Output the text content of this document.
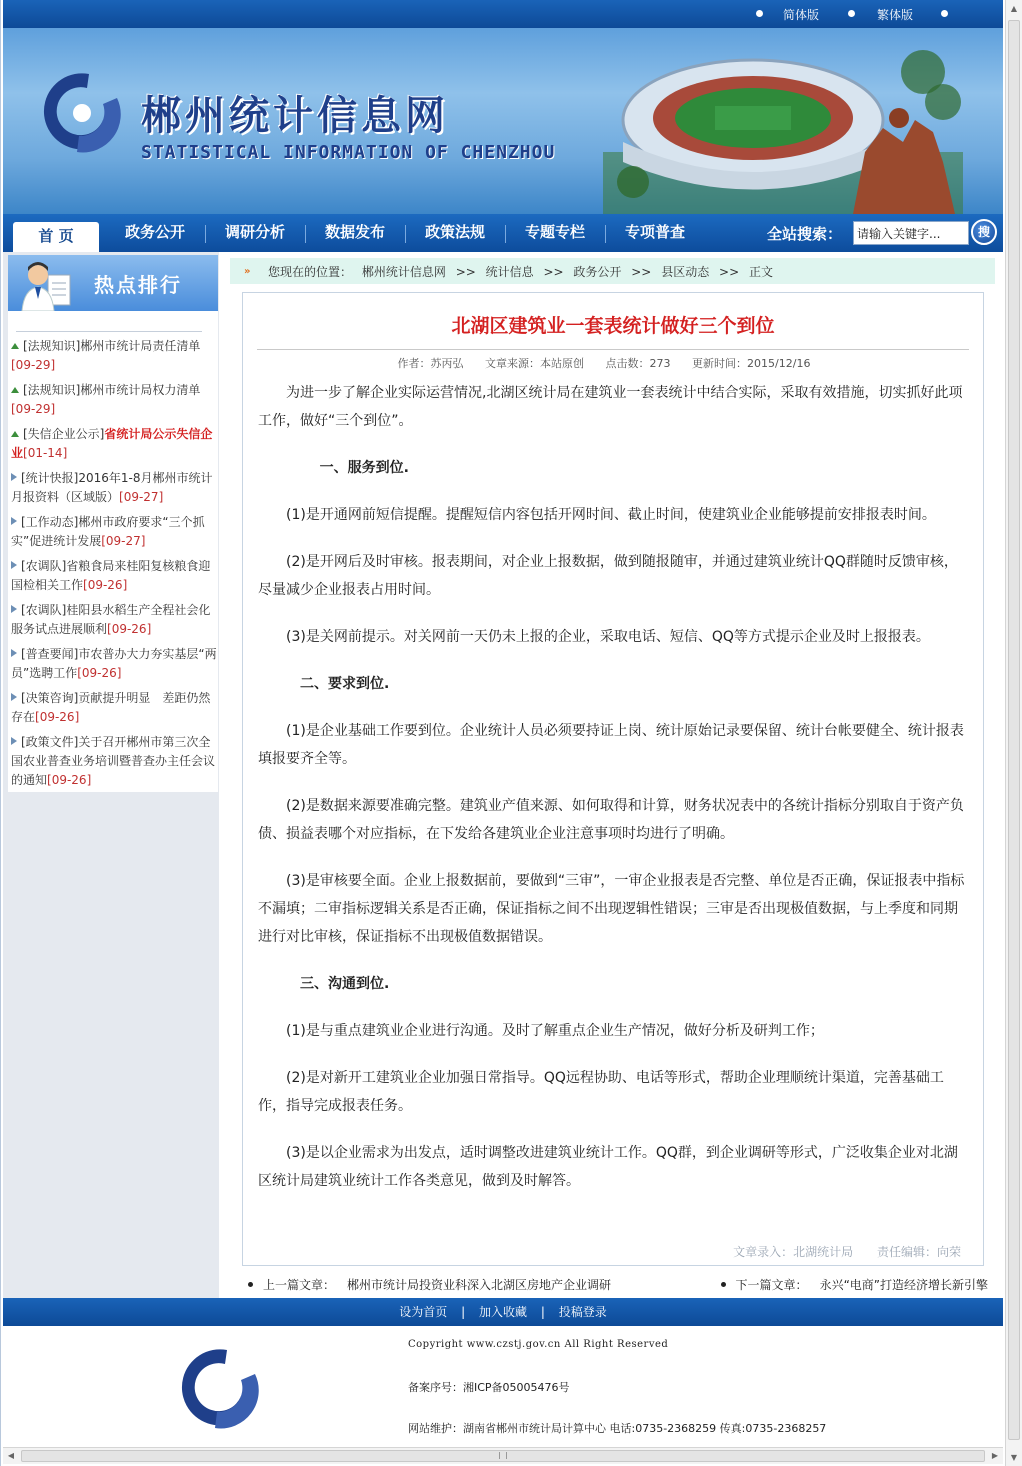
简体版	繁体版
郴州统计信息网
STATISTICAL INFORMATION OF CHENZHOU
首 页	政务公开	调研分析	数据发布	政策法规	专题专栏	专项普查	全站搜索：
请输入关键字...	搜
热点排行
[法规知识]郴州市统计局责任清单
[09-29]
[法规知识]郴州市统计局权力清单
[09-29]
[失信企业公示]省统计局公示失信企业[01-14]
[统计快报]2016年1-8月郴州市统计月报资料（区域版）[09-27]
[工作动态]郴州市政府要求“三个抓实”促进统计发展[09-27]
[农调队]省粮食局来桂阳复核粮食迎国检相关工作[09-26]
[农调队]桂阳县水稻生产全程社会化服务试点进展顺利[09-26]
[普查要闻]市农普办大力夯实基层“两员”选聘工作[09-26]
[决策咨询]贡献提升明显　差距仍然存在[09-26]
[政策文件]关于召开郴州市第三次全国农业普查业务培训暨普查办主任会议的通知[09-26]
» 您现在的位置： 郴州统计信息网 >> 统计信息 >> 政务公开 >> 县区动态 >> 正文
北湖区建筑业一套表统计做好三个到位
作者：苏丙弘 文章来源：本站原创 点击数：273 更新时间：2015/12/16

为进一步了解企业实际运营情况,北湖区统计局在建筑业一套表统计中结合实际，采取有效措施，切实抓好此项工作，做好“三个到位”。

一、服务到位.

(1)是开通网前短信提醒。提醒短信内容包括开网时间、截止时间，使建筑业企业能够提前安排报表时间。

(2)是开网后及时审核。报表期间，对企业上报数据，做到随报随审，并通过建筑业统计QQ群随时反馈审核，尽量减少企业报表占用时间。

(3)是关网前提示。对关网前一天仍未上报的企业，采取电话、短信、QQ等方式提示企业及时上报报表。

二、要求到位.

(1)是企业基础工作要到位。企业统计人员必须要持证上岗、统计原始记录要保留、统计台帐要健全、统计报表填报要齐全等。

(2)是数据来源要准确完整。建筑业产值来源、如何取得和计算，财务状况表中的各统计指标分别取自于资产负债、损益表哪个对应指标，在下发给各建筑业企业注意事项时均进行了明确。

(3)是审核要全面。企业上报数据前，要做到“三审”，一审企业报表是否完整、单位是否正确，保证报表中指标不漏填；二审指标逻辑关系是否正确，保证指标之间不出现逻辑性错误；三审是否出现极值数据，与上季度和同期进行对比审核，保证指标不出现极值数据错误。

三、沟通到位.

(1)是与重点建筑业企业进行沟通。及时了解重点企业生产情况，做好分析及研判工作；

(2)是对新开工建筑业企业加强日常指导。QQ远程协助、电话等形式，帮助企业理顺统计渠道，完善基础工作，指导完成报表任务。

(3)是以企业需求为出发点，适时调整改进建筑业统计工作。QQ群，到企业调研等形式，广泛收集企业对北湖区统计局建筑业统计工作各类意见，做到及时解答。

文章录入：北湖统计局 责任编辑：向荣
上一篇文章： 郴州市统计局投资业科深入北湖区房地产企业调研	下一篇文章： 永兴“电商”打造经济增长新引擎
设为首页 | 加入收藏 | 投稿登录
Copyright www.czstj.gov.cn All Right Reserved
备案序号：湘ICP备05005476号
网站维护：湖南省郴州市统计局计算中心 电话:0735-2368259 传真:0735-2368257
◀	▶
▲
▼
